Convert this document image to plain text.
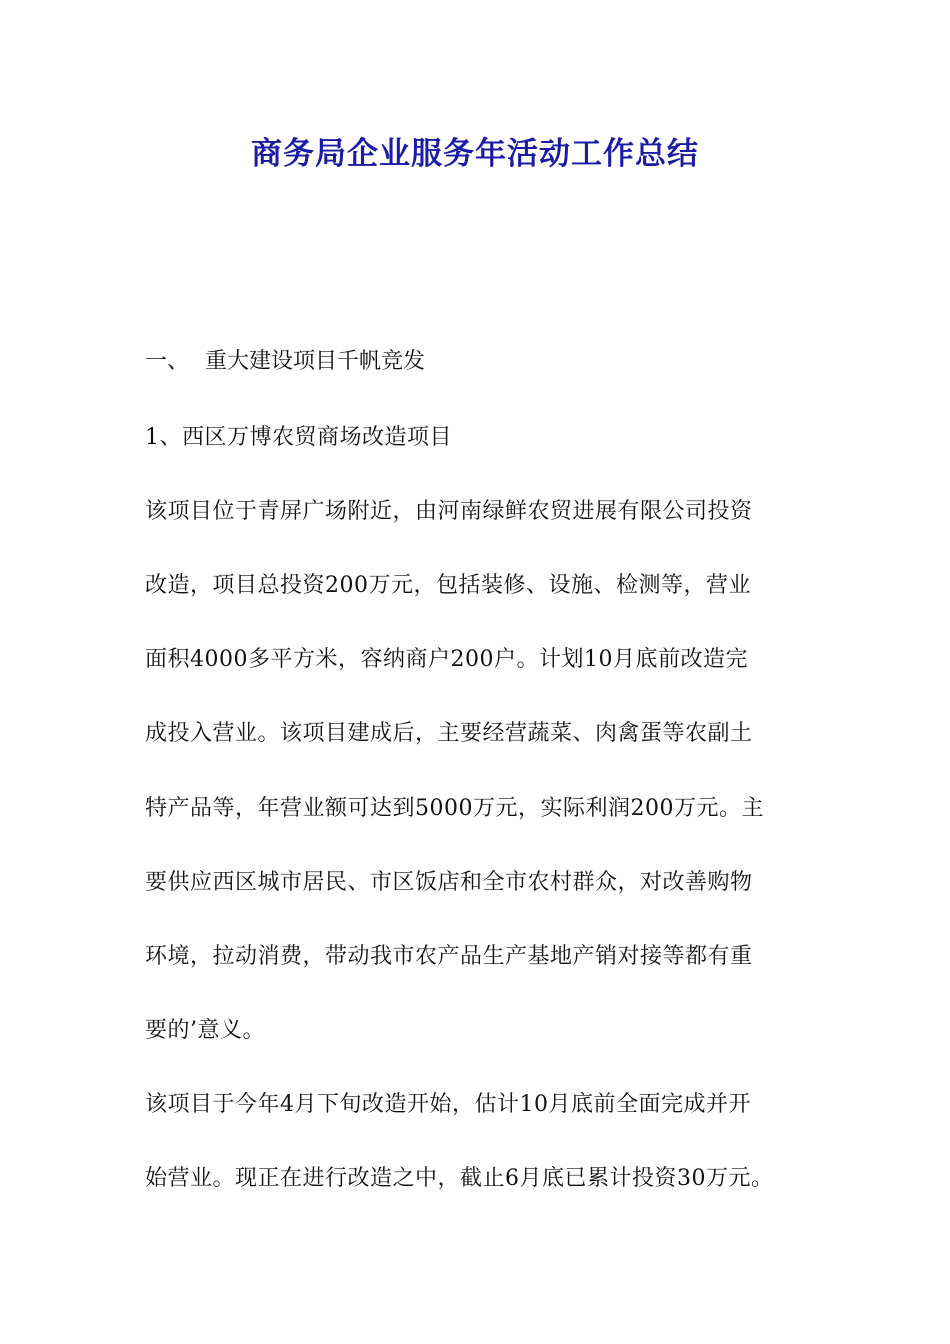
商务局企业服务年活动工作总结
一、 重大建设项目千帆竞发
1、西区万博农贸商场改造项目
该项目位于青屏广场附近，由河南绿鲜农贸进展有限公司投资
改造，项目总投资200万元，包括装修、设施、检测等，营业
面积4000多平方米，容纳商户200户。计划10月底前改造完
成投入营业。该项目建成后，主要经营蔬菜、肉禽蛋等农副土
特产品等，年营业额可达到5000万元，实际利润200万元。主
要供应西区城市居民、市区饭店和全市农村群众，对改善购物
环境，拉动消费，带动我市农产品生产基地产销对接等都有重
要的’意义。
该项目于今年4月下旬改造开始，估计10月底前全面完成并开
始营业。现正在进行改造之中，截止6月底已累计投资30万元。
